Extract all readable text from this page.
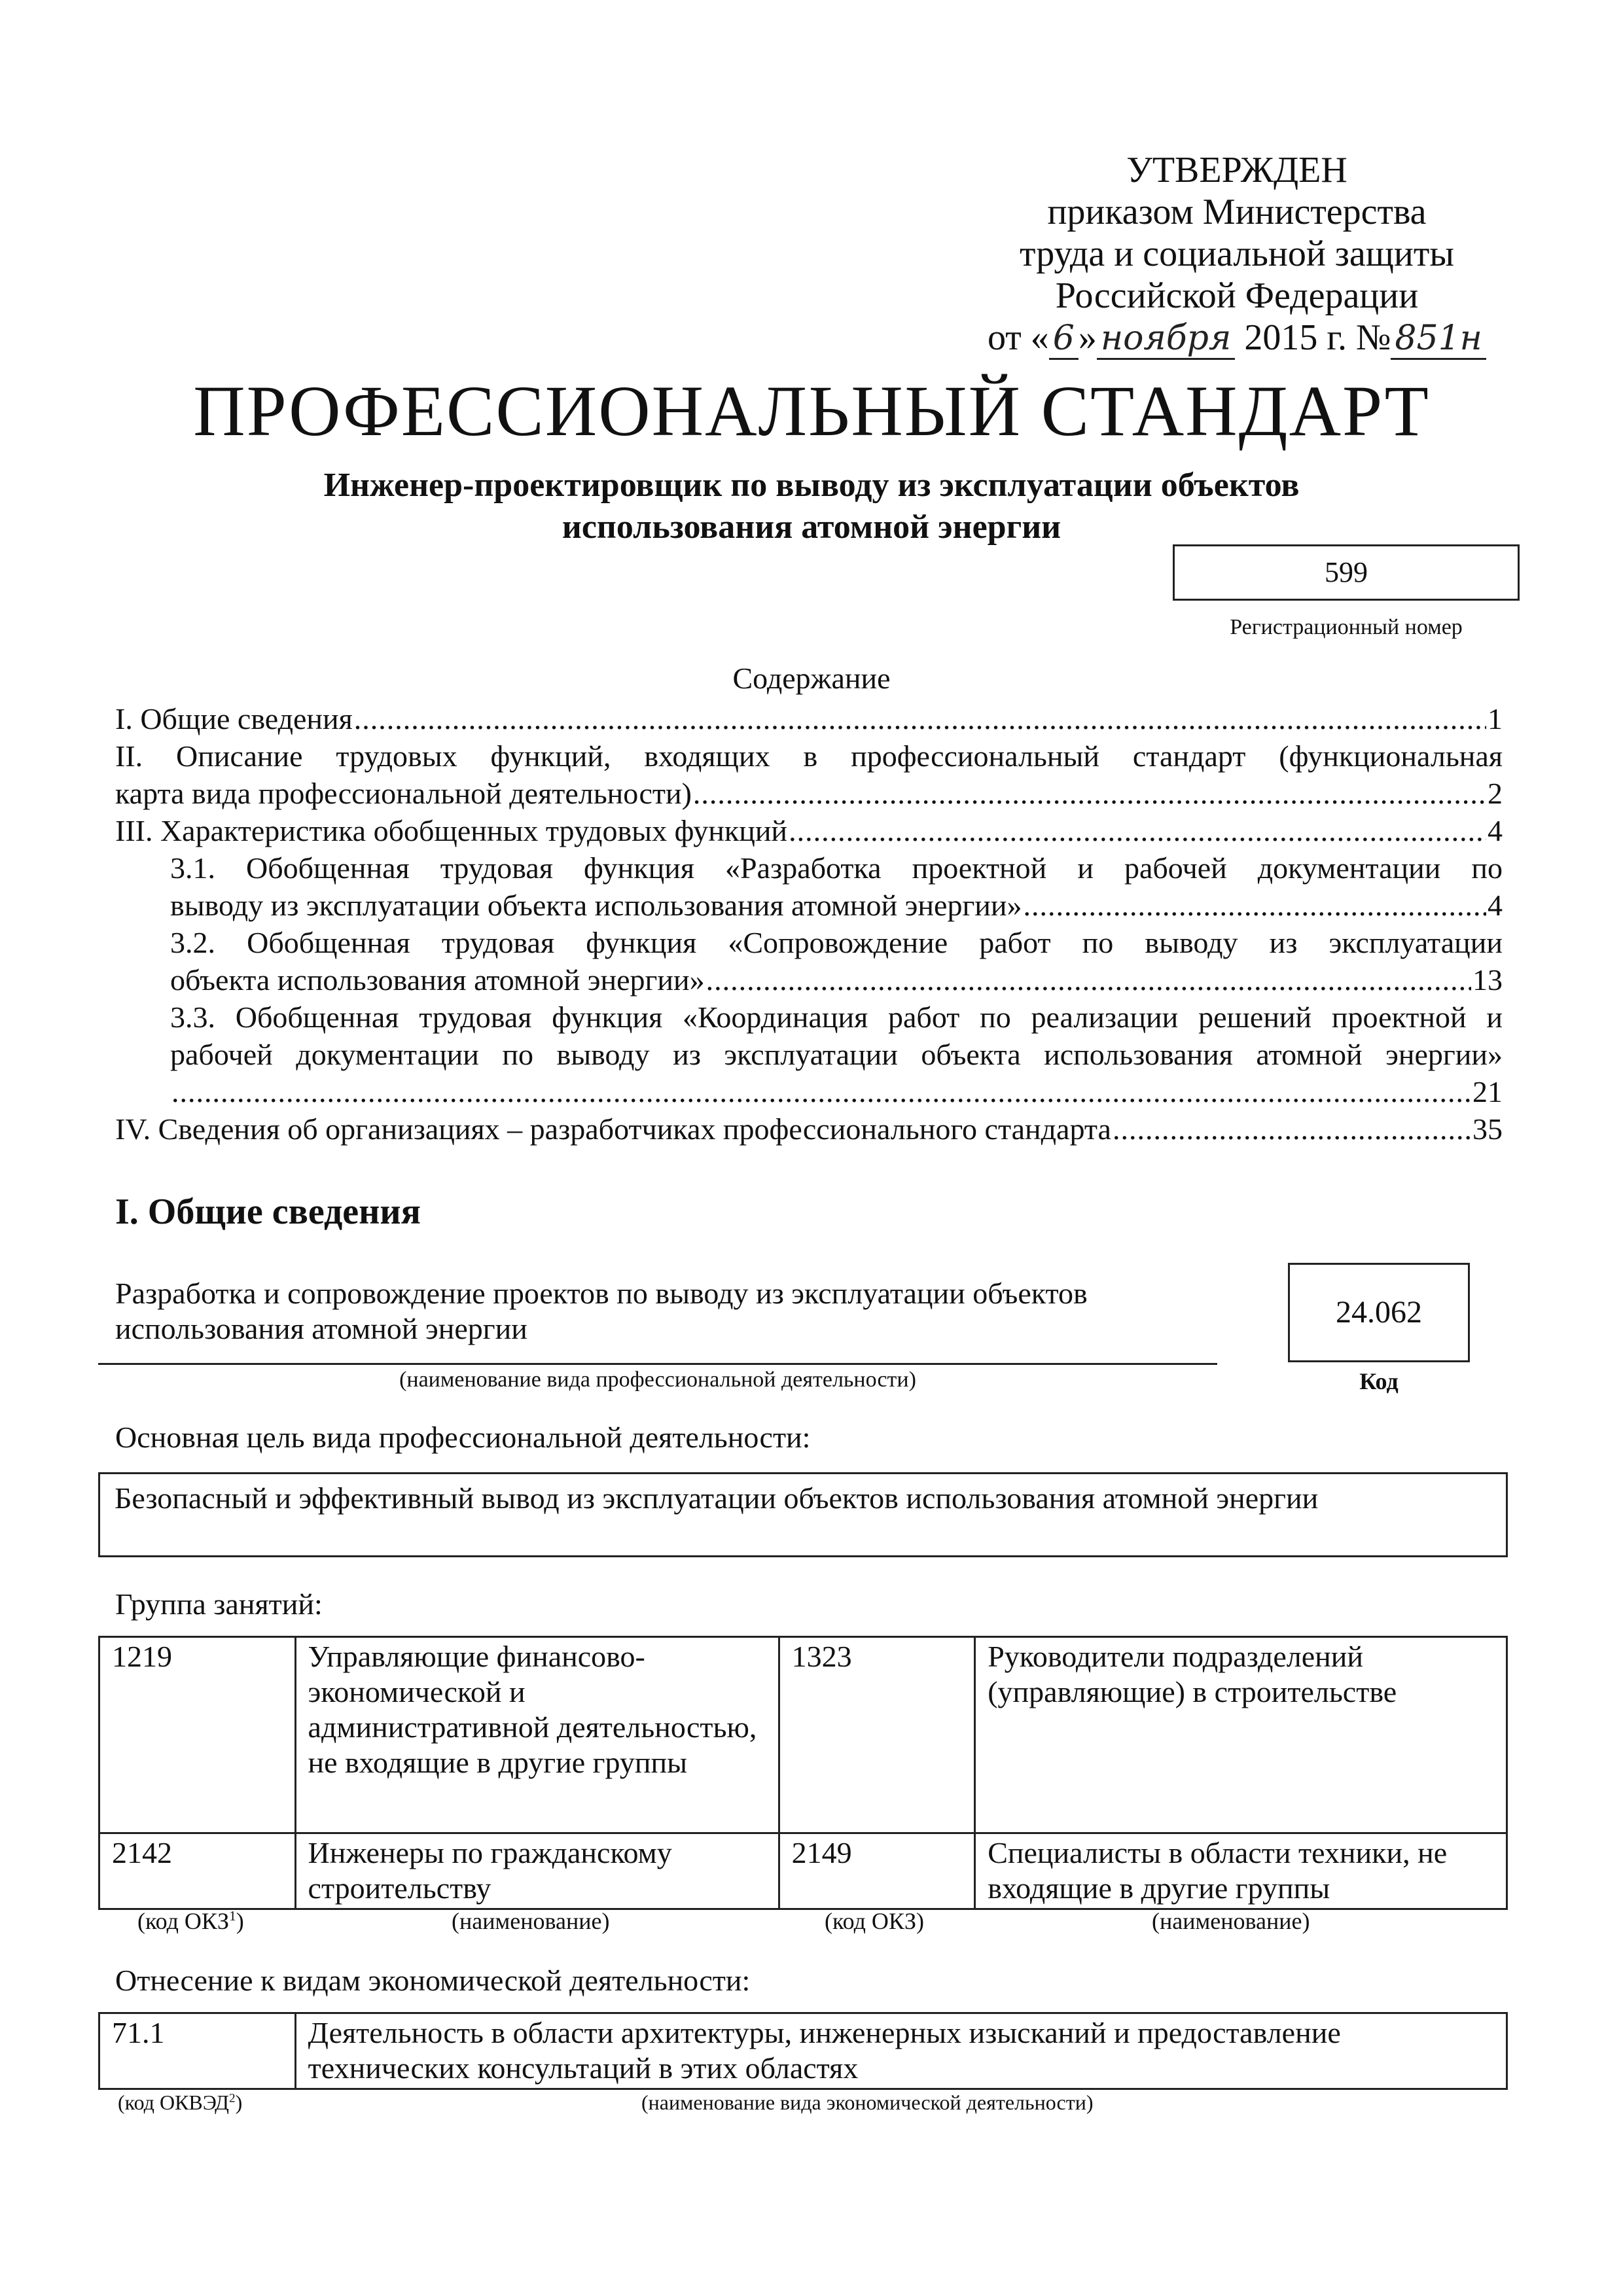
УТВЕРЖДЕН
приказом Министерства
труда и социальной защиты
Российской Федерации
от « 6 » ноября 2015 г. № 851н
ПРОФЕССИОНАЛЬНЫЙ СТАНДАРТ
Инженер-проектировщик по выводу из эксплуатации объектов
использования атомной энергии
599
Регистрационный номер
Содержание
I. Общие сведения .....	1
II. Описание трудовых функций, входящих в профессиональный стандарт (функциональная
карта вида профессиональной деятельности) .....	2
III. Характеристика обобщенных трудовых функций .....	4
3.1. Обобщенная трудовая функция «Разработка проектной и рабочей документации по
выводу из эксплуатации объекта использования атомной энергии» .....	4
3.2. Обобщенная трудовая функция «Сопровождение работ по выводу из эксплуатации
объекта использования атомной энергии» .....	13
3.3. Обобщенная трудовая функция «Координация работ по реализации решений проектной и
рабочей документации по выводу из эксплуатации объекта использования атомной энергии»
.....
21
IV. Сведения об организациях – разработчиках профессионального стандарта .....	35
I. Общие сведения
Разработка и сопровождение проектов по выводу из эксплуатации объектов
использования атомной энергии
(наименование вида профессиональной деятельности)
24.062
Код
Основная цель вида профессиональной деятельности:
Безопасный и эффективный вывод из эксплуатации объектов использования атомной энергии
Группа занятий:
1219	Управляющие финансово-экономической и административной деятельностью, не входящие в другие группы	1323	Руководители подразделений (управляющие) в строительстве
2142	Инженеры по гражданскому строительству	2149	Специалисты в области техники, не входящие в другие группы
(код ОКЗ$^1$)	(наименование)	(код ОКЗ)	(наименование)
Отнесение к видам экономической деятельности:
71.1	Деятельность в области архитектуры, инженерных изысканий и предоставление технических консультаций в этих областях
(код ОКВЭД$^2$)	(наименование вида экономической деятельности)
